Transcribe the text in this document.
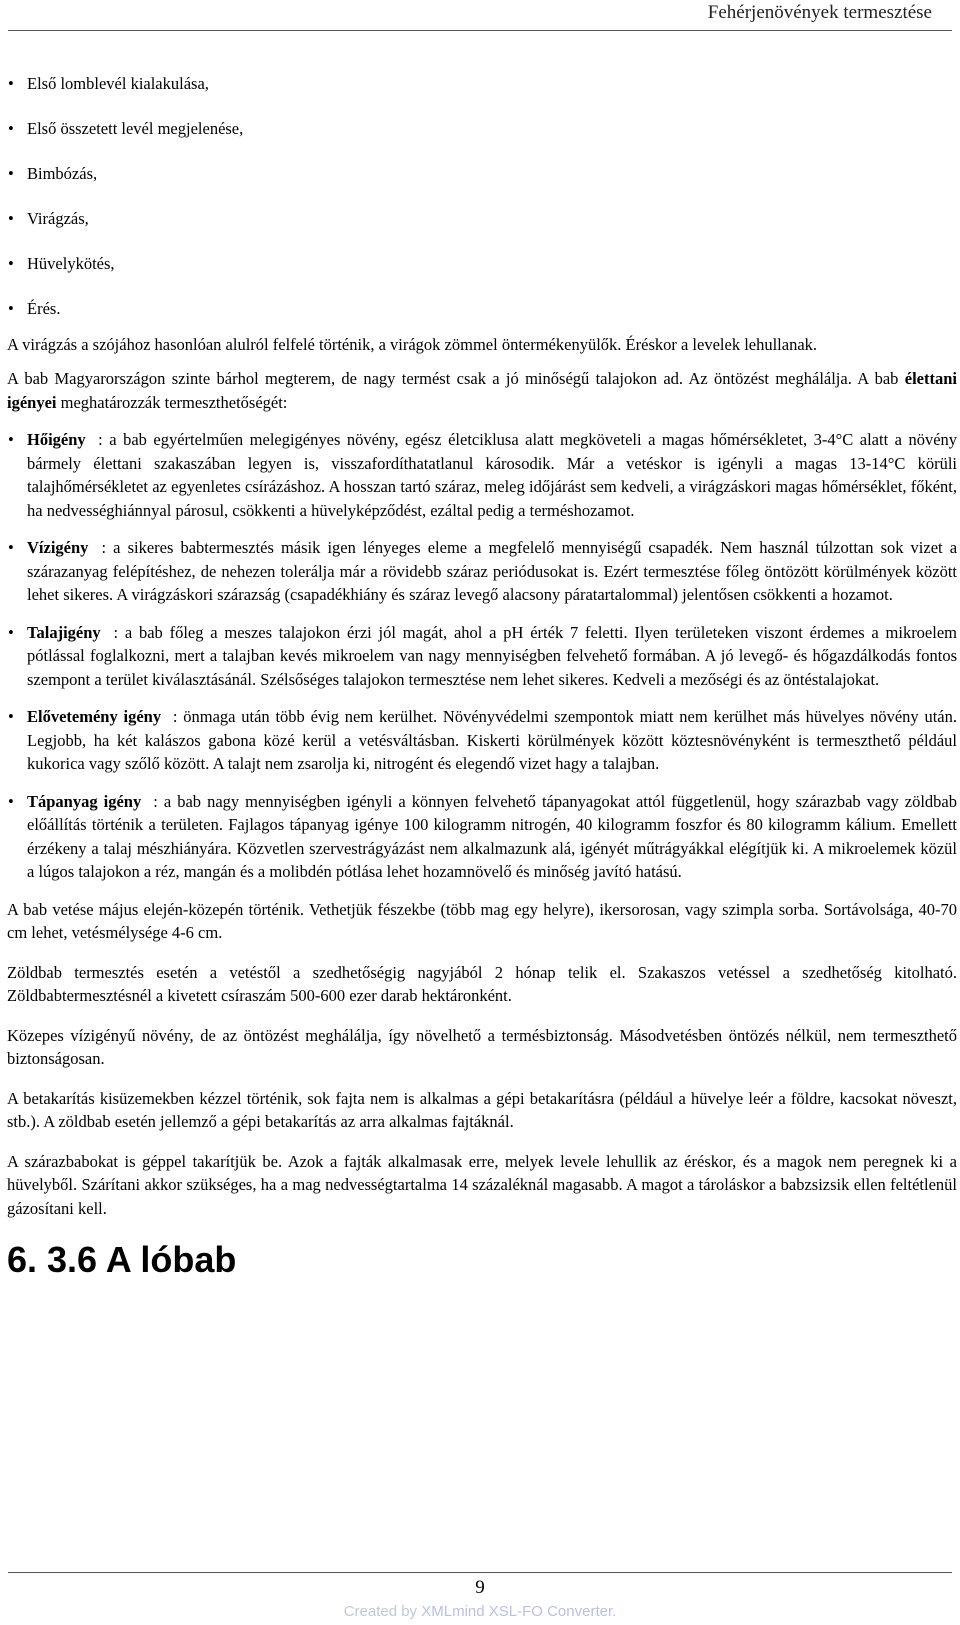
Fehérjenövények termesztése
• Első lomblevél kialakulása,
• Első összetett levél megjelenése,
• Bimbózás,
• Virágzás,
• Hüvelykötés,
• Érés.

A virágzás a szójához hasonlóan alulról felfelé történik, a virágok zömmel öntermékenyülők. Éréskor a levelek lehullanak.

A bab Magyarországon szinte bárhol megterem, de nagy termést csak a jó minőségű talajokon ad. Az öntözést meghálálja. A bab élettani igényei meghatározzák termeszthetőségét:

• Hőigény : a bab egyértelműen melegigényes növény, egész életciklusa alatt megköveteli a magas hőmérsékletet, 3-4°C alatt a növény bármely élettani szakaszában legyen is, visszafordíthatatlanul károsodik. Már a vetéskor is igényli a magas 13-14°C körüli talajhőmérsékletet az egyenletes csírázáshoz. A hosszan tartó száraz, meleg időjárást sem kedveli, a virágzáskori magas hőmérséklet, főként, ha nedvességhiánnyal párosul, csökkenti a hüvelyképződést, ezáltal pedig a terméshozamot.
• Vízigény : a sikeres babtermesztés másik igen lényeges eleme a megfelelő mennyiségű csapadék. Nem használ túlzottan sok vizet a szárazanyag felépítéshez, de nehezen tolerálja már a rövidebb száraz periódusokat is. Ezért termesztése főleg öntözött körülmények között lehet sikeres. A virágzáskori szárazság (csapadékhiány és száraz levegő alacsony páratartalommal) jelentősen csökkenti a hozamot.
• Talajigény : a bab főleg a meszes talajokon érzi jól magát, ahol a pH érték 7 feletti. Ilyen területeken viszont érdemes a mikroelem pótlással foglalkozni, mert a talajban kevés mikroelem van nagy mennyiségben felvehető formában. A jó levegő- és hőgazdálkodás fontos szempont a terület kiválasztásánál. Szélsőséges talajokon termesztése nem lehet sikeres. Kedveli a mezőségi és az öntéstalajokat.
• Elővetemény igény : önmaga után több évig nem kerülhet. Növényvédelmi szempontok miatt nem kerülhet más hüvelyes növény után. Legjobb, ha két kalászos gabona közé kerül a vetésváltásban. Kiskerti körülmények között köztesnövényként is termeszthető például kukorica vagy szőlő között. A talajt nem zsarolja ki, nitrogént és elegendő vizet hagy a talajban.
• Tápanyag igény : a bab nagy mennyiségben igényli a könnyen felvehető tápanyagokat attól függetlenül, hogy szárazbab vagy zöldbab előállítás történik a területen. Fajlagos tápanyag igénye 100 kilogramm nitrogén, 40 kilogramm foszfor és 80 kilogramm kálium. Emellett érzékeny a talaj mészhiányára. Közvetlen szervestrágyázást nem alkalmazunk alá, igényét műtrágyákkal elégítjük ki. A mikroelemek közül a lúgos talajokon a réz, mangán és a molibdén pótlása lehet hozamnövelő és minőség javító hatású.

A bab vetése május elején-közepén történik. Vethetjük fészekbe (több mag egy helyre), ikersorosan, vagy szimpla sorba. Sortávolsága, 40-70 cm lehet, vetésmélysége 4-6 cm.

Zöldbab termesztés esetén a vetéstől a szedhetőségig nagyjából 2 hónap telik el. Szakaszos vetéssel a szedhetőség kitolható. Zöldbabtermesztésnél a kivetett csíraszám 500-600 ezer darab hektáronként.

Közepes vízigényű növény, de az öntözést meghálálja, így növelhető a termésbiztonság. Másodvetésben öntözés nélkül, nem termeszthető biztonságosan.

A betakarítás kisüzemekben kézzel történik, sok fajta nem is alkalmas a gépi betakarításra (például a hüvelye leér a földre, kacsokat növeszt, stb.). A zöldbab esetén jellemző a gépi betakarítás az arra alkalmas fajtáknál.

A szárazbabokat is géppel takarítjük be. Azok a fajták alkalmasak erre, melyek levele lehullik az éréskor, és a magok nem peregnek ki a hüvelyből. Szárítani akkor szükséges, ha a mag nedvességtartalma 14 százaléknál magasabb. A magot a tároláskor a babzsizsik ellen feltétlenül gázosítani kell.

6. 3.6 A lóbab
9
Created by XMLmind XSL-FO Converter.
